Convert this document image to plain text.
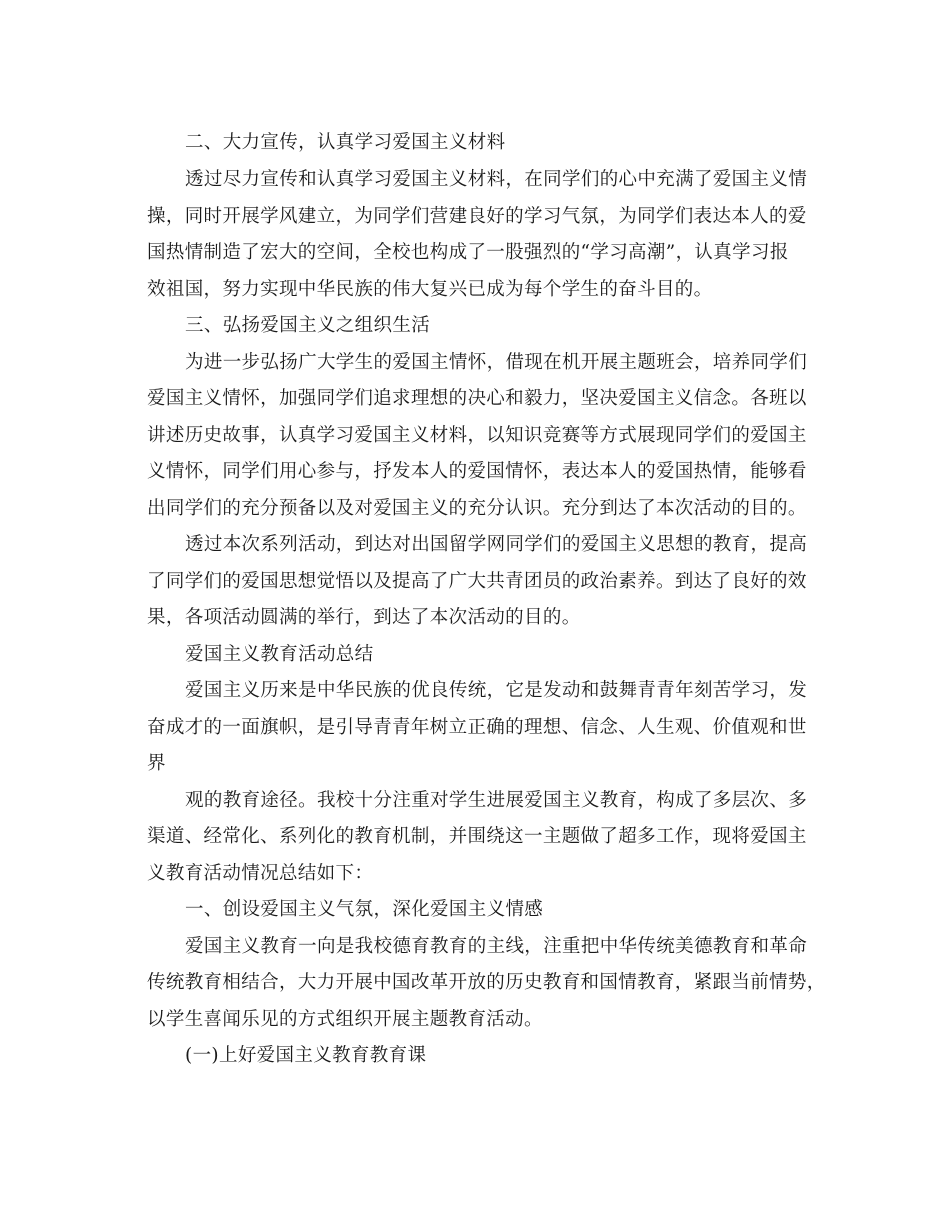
二、大力宣传，认真学习爱国主义材料
透过尽力宣传和认真学习爱国主义材料，在同学们的心中充满了爱国主义情
操，同时开展学风建立，为同学们营建良好的学习气氛，为同学们表达本人的爱
国热情制造了宏大的空间，全校也构成了一股强烈的“学习高潮”，认真学习报
效祖国，努力实现中华民族的伟大复兴已成为每个学生的奋斗目的。
三、弘扬爱国主义之组织生活
为进一步弘扬广大学生的爱国主情怀，借现在机开展主题班会，培养同学们
爱国主义情怀，加强同学们追求理想的决心和毅力，坚决爱国主义信念。各班以
讲述历史故事，认真学习爱国主义材料，以知识竞赛等方式展现同学们的爱国主
义情怀，同学们用心参与，抒发本人的爱国情怀，表达本人的爱国热情，能够看
出同学们的充分预备以及对爱国主义的充分认识。充分到达了本次活动的目的。
透过本次系列活动，到达对出国留学网同学们的爱国主义思想的教育，提高
了同学们的爱国思想觉悟以及提高了广大共青团员的政治素养。到达了良好的效
果，各项活动圆满的举行，到达了本次活动的目的。
爱国主义教育活动总结
爱国主义历来是中华民族的优良传统，它是发动和鼓舞青青年刻苦学习，发
奋成才的一面旗帜，是引导青青年树立正确的理想、信念、人生观、价值观和世
界
观的教育途径。我校十分注重对学生进展爱国主义教育，构成了多层次、多
渠道、经常化、系列化的教育机制，并围绕这一主题做了超多工作，现将爱国主
义教育活动情况总结如下：
一、创设爱国主义气氛，深化爱国主义情感
爱国主义教育一向是我校德育教育的主线，注重把中华传统美德教育和革命
传统教育相结合，大力开展中国改革开放的历史教育和国情教育，紧跟当前情势，
以学生喜闻乐见的方式组织开展主题教育活动。
(一)上好爱国主义教育教育课
